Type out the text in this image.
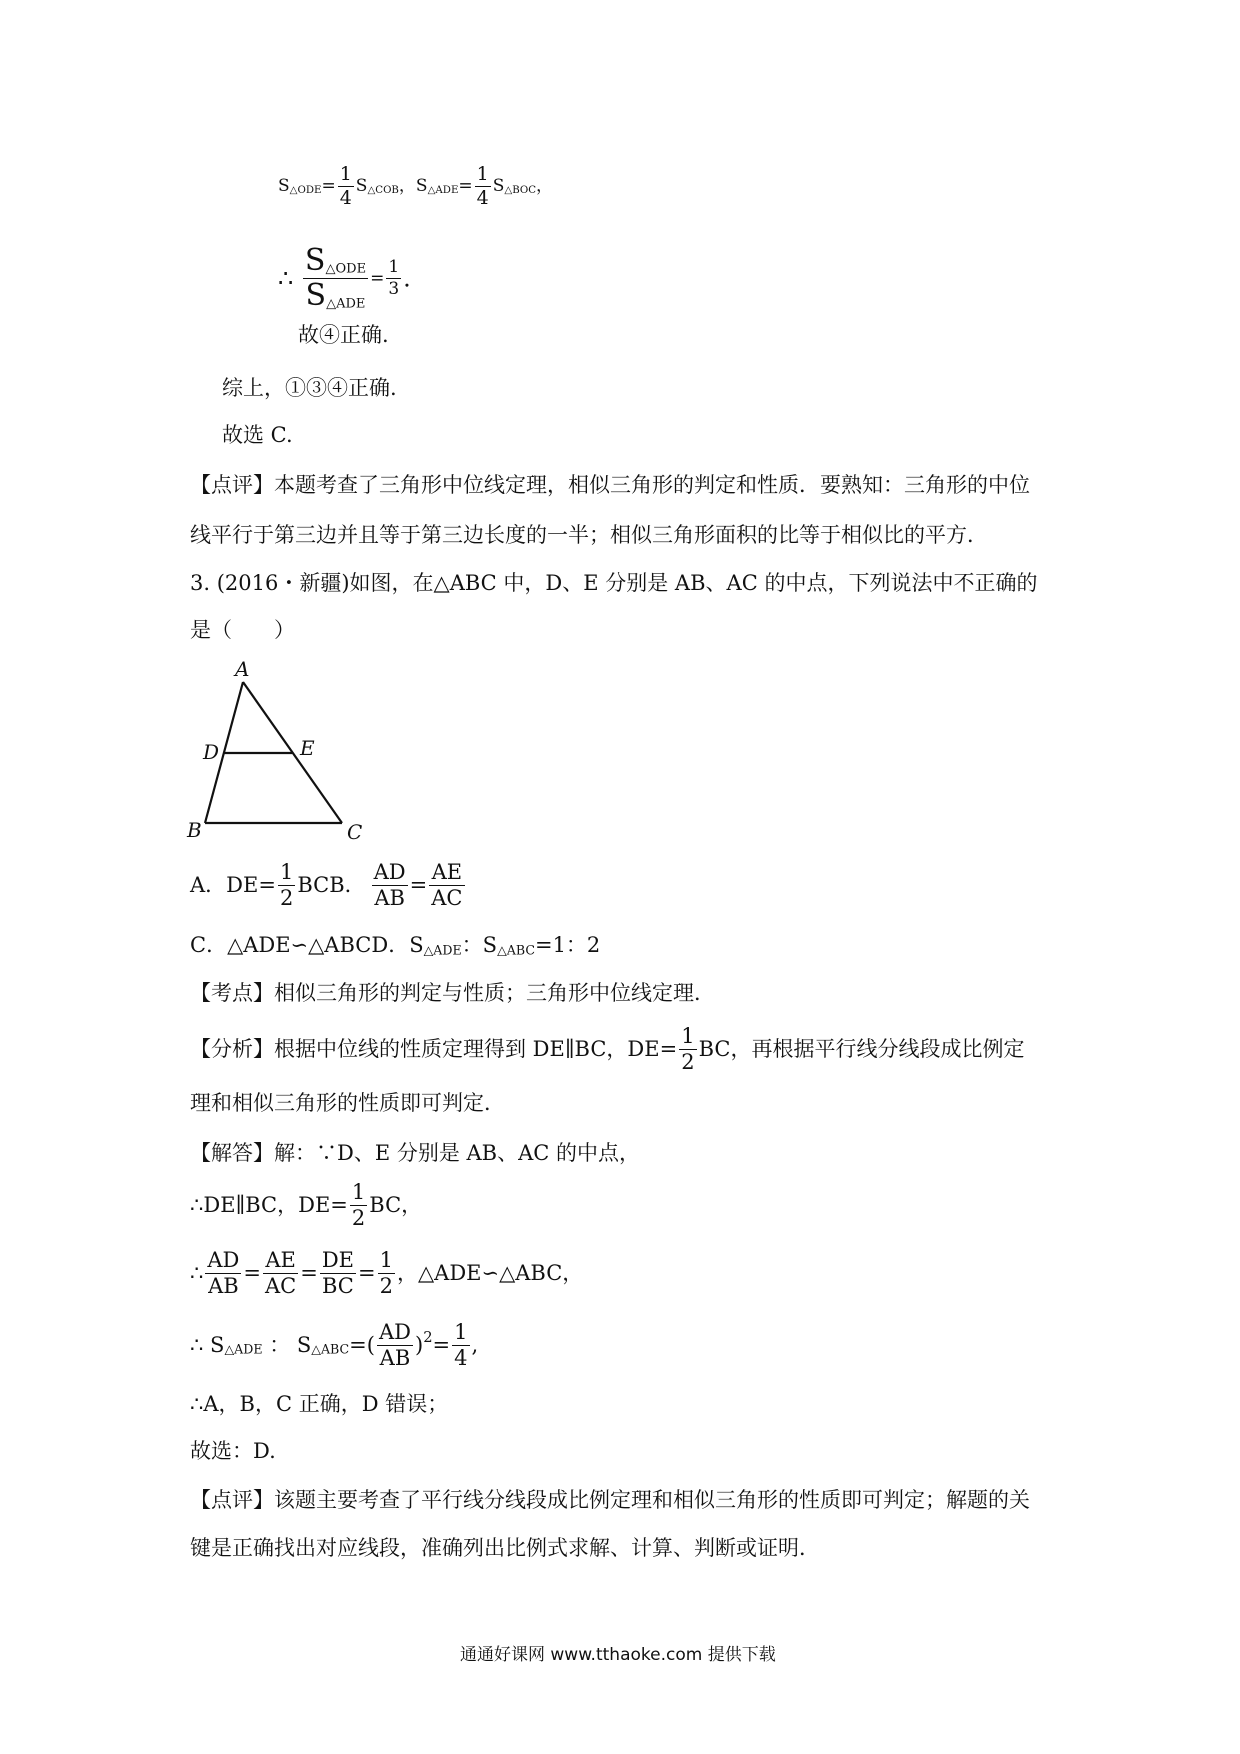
$S_{\triangle ODE}= \frac{1}{4} S_{\triangle COB}$，$S_{\triangle ADE}= \frac{1}{4} S_{\triangle BOC}$，
∴ $\frac{S_{\triangle ODE}}{S_{\triangle ADE}} = \frac{1}{3}$ .
故④正确.
综上，①③④正确.
故选 C.
【点评】本题考查了三角形中位线定理，相似三角形的判定和性质．要熟知：三角形的中位
线平行于第三边并且等于第三边长度的一半；相似三角形面积的比等于相似比的平方．
3. (2016・新疆)如图，在△ABC 中，D、E 分别是 AB、AC 的中点，下列说法中不正确的
是（　　）
A
D	E
B	C
A．$DE= \frac{1}{2}$ BCB． $\frac{AD}{AB} = \frac{AE}{AC}$
C．△ADE∽△ABCD．$S_{\triangle ADE}$：$S_{\triangle ABC}=1$：2
【考点】相似三角形的判定与性质；三角形中位线定理．
【分析】根据中位线的性质定理得到 DE∥BC，$DE= \frac{1}{2}$ BC，再根据平行线分线段成比例定
理和相似三角形的性质即可判定．
【解答】解：∵D、E 分别是 AB、AC 的中点，
∴DE∥BC，$DE= \frac{1}{2}$ BC，
∴ $\frac{AD}{AB} = \frac{AE}{AC} = \frac{DE}{BC} = \frac{1}{2}$ ，△ADE∽△ABC，
∴ $S_{\triangle ADE}$ ： $S_{\triangle ABC}=( \frac{AD}{AB} )^2= \frac{1}{4}$ ,
∴A，B，C 正确，D 错误；
故选：D.
【点评】该题主要考查了平行线分线段成比例定理和相似三角形的性质即可判定；解题的关
键是正确找出对应线段，准确列出比例式求解、计算、判断或证明．
通通好课网 www.tthaoke.com 提供下载
